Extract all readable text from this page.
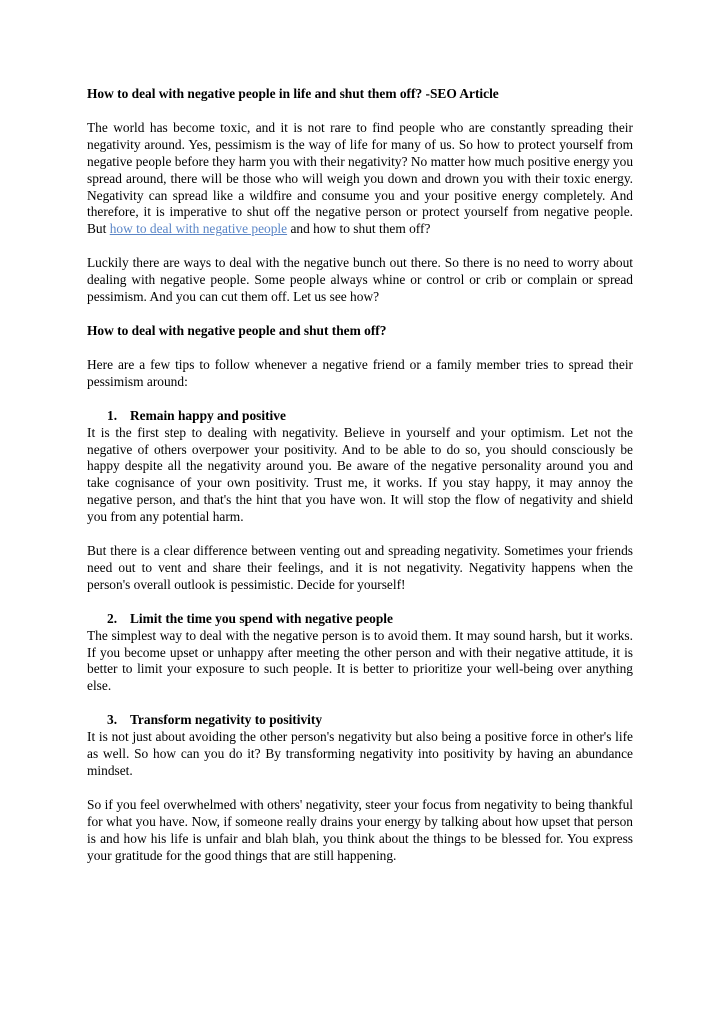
How to deal with negative people in life and shut them off? -SEO Article

The world has become toxic, and it is not rare to find people who are constantly spreading their negativity around. Yes, pessimism is the way of life for many of us. So how to protect yourself from negative people before they harm you with their negativity? No matter how much positive energy you spread around, there will be those who will weigh you down and drown you with their toxic energy. Negativity can spread like a wildfire and consume you and your positive energy completely. And therefore, it is imperative to shut off the negative person or protect yourself from negative people. But how to deal with negative people and how to shut them off?

Luckily there are ways to deal with the negative bunch out there. So there is no need to worry about dealing with negative people. Some people always whine or control or crib or complain or spread pessimism. And you can cut them off. Let us see how?

How to deal with negative people and shut them off?

Here are a few tips to follow whenever a negative friend or a family member tries to spread their pessimism around:

1. Remain happy and positive

It is the first step to dealing with negativity. Believe in yourself and your optimism. Let not the negative of others overpower your positivity. And to be able to do so, you should consciously be happy despite all the negativity around you. Be aware of the negative personality around you and take cognisance of your own positivity. Trust me, it works. If you stay happy, it may annoy the negative person, and that's the hint that you have won. It will stop the flow of negativity and shield you from any potential harm.

But there is a clear difference between venting out and spreading negativity. Sometimes your friends need out to vent and share their feelings, and it is not negativity. Negativity happens when the person's overall outlook is pessimistic. Decide for yourself!

2. Limit the time you spend with negative people

The simplest way to deal with the negative person is to avoid them. It may sound harsh, but it works. If you become upset or unhappy after meeting the other person and with their negative attitude, it is better to limit your exposure to such people. It is better to prioritize your well-being over anything else.

3. Transform negativity to positivity

It is not just about avoiding the other person's negativity but also being a positive force in other's life as well. So how can you do it? By transforming negativity into positivity by having an abundance mindset.

So if you feel overwhelmed with others' negativity, steer your focus from negativity to being thankful for what you have. Now, if someone really drains your energy by talking about how upset that person is and how his life is unfair and blah blah, you think about the things to be blessed for. You express your gratitude for the good things that are still happening.
